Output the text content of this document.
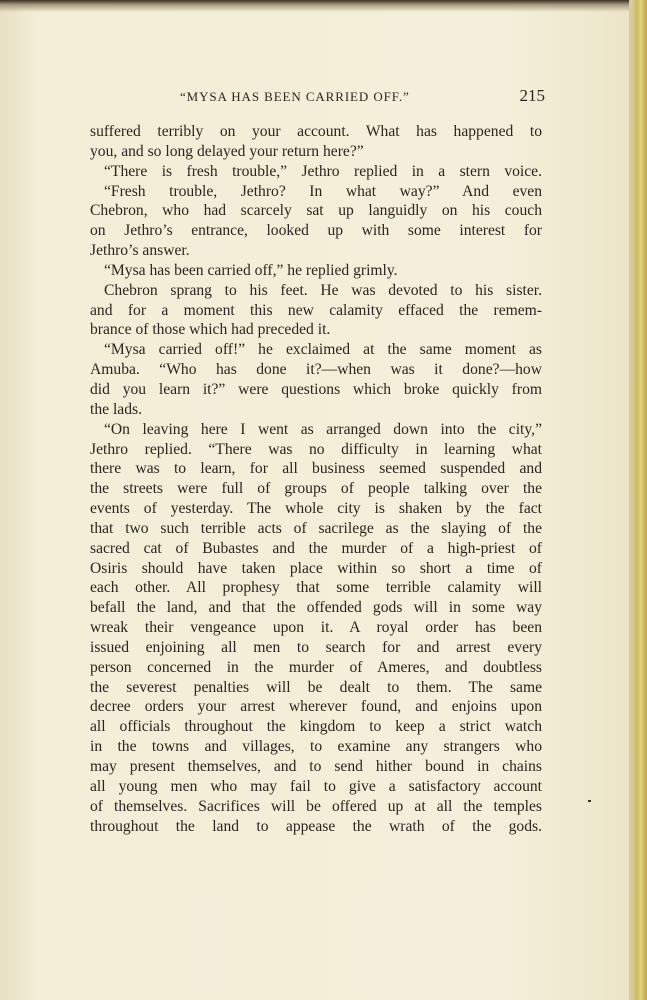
“MYSA HAS BEEN CARRIED OFF.”	215
suffered terribly on your account. What has happened to
you, and so long delayed your return here?”
“There is fresh trouble,” Jethro replied in a stern voice.
“Fresh trouble, Jethro? In what way?” And even
Chebron, who had scarcely sat up languidly on his couch
on Jethro’s entrance, looked up with some interest for
Jethro’s answer.
“Mysa has been carried off,” he replied grimly.
Chebron sprang to his feet. He was devoted to his sister.
and for a moment this new calamity effaced the remem-
brance of those which had preceded it.
“Mysa carried off!” he exclaimed at the same moment as
Amuba. “Who has done it?—when was it done?—how
did you learn it?” were questions which broke quickly from
the lads.
“On leaving here I went as arranged down into the city,”
Jethro replied. “There was no difficulty in learning what
there was to learn, for all business seemed suspended and
the streets were full of groups of people talking over the
events of yesterday. The whole city is shaken by the fact
that two such terrible acts of sacrilege as the slaying of the
sacred cat of Bubastes and the murder of a high-priest of
Osiris should have taken place within so short a time of
each other. All prophesy that some terrible calamity will
befall the land, and that the offended gods will in some way
wreak their vengeance upon it. A royal order has been
issued enjoining all men to search for and arrest every
person concerned in the murder of Ameres, and doubtless
the severest penalties will be dealt to them. The same
decree orders your arrest wherever found, and enjoins upon
all officials throughout the kingdom to keep a strict watch
in the towns and villages, to examine any strangers who
may present themselves, and to send hither bound in chains
all young men who may fail to give a satisfactory account
of themselves. Sacrifices will be offered up at all the temples
throughout the land to appease the wrath of the gods.
